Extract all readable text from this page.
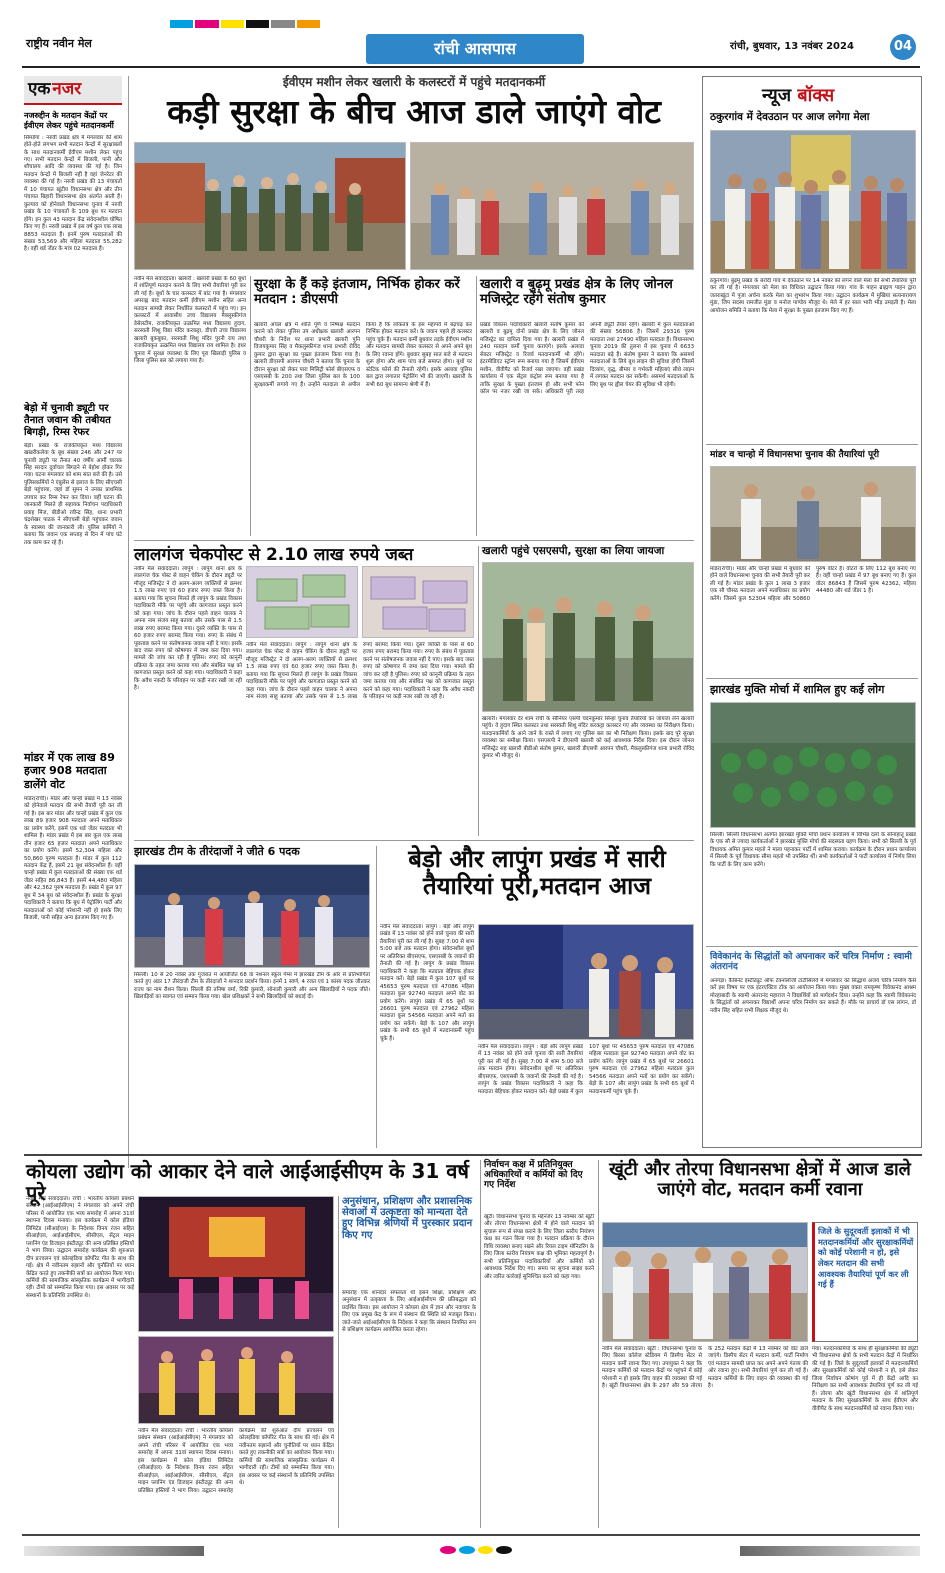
राष्ट्रीय नवीन मेल	रांची आसपास	रांची, बुधवार, 13 नवंबर 2024	04
एक नजर
नजरुद्दीन के मतदान केंद्रों पर ईवीएम लेकर पहुंचे मतदानकर्मी
सिमडेगा : नरुवी प्रखंड क्षेत्र में मंगलवार की शाम होते-होते लगभग सभी मतदान केन्द्रों में सुरक्षाबलों के साथ मतदानकर्मी ईवीएम मशीन लेकर पहुंच गए। सभी मतदान केन्द्रों में बिजली, पानी और शौचालय आदि की व्यवस्था की गई है। जिन मतदान केन्द्रों में बिजली नहीं है वहां जेनरेटर की व्यवस्था की गई है। नरुवी प्रखंड की 13 पंचायतों में 10 पंचायत खूंटीय विधानसभा क्षेत्र और तीन पंचायत बिहारी विधानसभा क्षेत्र अंतर्गत आती हैं। कुल्याव को होनेवाले विधानसभा चुनाव में नरुवी प्रखंड के 10 पंचायतों के 109 बूथ पर मतदान होंगे। इन कुल 43 मतदान केंद्र संवेदनशील घोषित किए गए हैं। नरुवी प्रखंड में इस वर्ष कुल एक लाख 8853 मतदाता हैं। इनमें पुरुष मतदाताओं की संख्या 53,569 और महिला मतदाता 55,282 है। वहीं थर्ड जेंडर के मात्र 02 मतदाता हैं।
बेड़ो में चुनावी ड्यूटी पर तैनात जवान की तबीयत बिगड़ी, रिम्स रेफर
बेड़ो। प्रखंड के राजकीयकृत मध्य विद्यालय खखरीकलेवा के बूथ संख्या 246 और 247 पर चुनावी ड्यूटी पर तैनात 40 वर्षीय आर्मी चालक सिंह सरदार दूर्वाचल बिगड़ने से बेहोश होकर गिर गया। घटना मंगलवार को शाम सात बजे की है। उसे पुलिसकर्मियों ने एंबुलेंस से इलाज के लिए सीएचसी बेड़ो पहुंचाया, जहां डॉ सुमन ने उनका प्राथमिक उपचार कर रिम्स रेफर कर दिया। वहीं घटना की जानकारी मिलते ही सहायक निर्वाचन पदाधिकारी प्रवाह मिंज, बीडीओ रवीन्द्र सिंह, थाना प्रभारी चंद्रशेखर पाठक ने सीएचसी बेड़ो पहुंचकर जवान के स्वास्थ्य की जानकारी ली। पुलिस कर्मियों ने बताया कि जवान एक सप्ताह से दिन में पांच घंटे तक काम कर रहे हैं।
मांडर में एक लाख 89 हजार 908 मतदाता डालेंगे वोट
मांडर(रांची)। मांडर और चान्हो प्रखंड में 13 नवंबर को होनेवाले मतदान की सभी तैयारी पूरी कर ली गई है। इस बार मांडर और चान्हो प्रखंड में कुल एक लाख 89 हजार 908 मतदाता अपने मताधिकार का प्रयोग करेंगे, इसमें एक थर्ड जेंडर मतदाता भी शामिल है। मांडर प्रखंड में इस बार कुल एक लाख तीन हजार 65 हजार मतदाता अपने मताधिकार का प्रयोग करेंगे। इसमें 52,304 महिला और 50,860 पुरुष मतदाता हैं। मांडर में कुल 112 मतदान केंद्र हैं, इसमें 21 बूथ संवेदनशील हैं। वहीं चान्हो प्रखंड में कुल मतदाताओं की संख्या एक थर्ड जेंडर सहित 86,843 हैं। इसमें 44,480 महिला और 42,362 पुरुष मतदाता हैं। प्रखंड में कुल 97 बूथ में 34 बूथ को संवेदनशील हैं। प्रखंड के सुरक्षा पदाधिकारी ने बताया कि बूथ में पेट्रोलिंग पार्टी और मतदाताओं को कोई परेशानी नहीं हो इसके लिए बिजली, पानी सहित अन्य इंतजाम किए गए हैं।
ईवीएम मशीन लेकर खलारी के कलस्टरों में पहुंचे मतदानकर्मी
कड़ी सुरक्षा के बीच आज डाले जाएंगे वोट
नवीन मेल संवाददाता। खलारी : खलारी प्रखंड के 60 बूथों में शांतिपूर्ण मतदान कराने के लिए सभी तैयारियां पूरी कर ली गई है। बूथों के चार कलस्टर में बांट गया है। मंगलवार अपराह्न बाद मतदान कर्मी ईवीएम मशीन सहित अन्य मतदान सामग्री लेकर निर्धारित कलस्टरों में पहुंच गए। इन कलस्टरों में आवासीय उच्च विद्यालय मैक्लुस्कीगंज डेसेलटीम, राजकीयकृत उत्क्रमित मध्य विद्यालय हुदाग, सरस्वती शिशु विद्या मंदिर करकट्टा, डीएवी उच्च विद्यालय खलारी बुकबुका, सरस्वती शिशु मंदिर पुरनी राय तथा राजकीयकृत उत्क्रमित मध्य विद्यालय राय शामिल है। इधर चुनाव में सुरक्षा व्यवस्था के लिए पूरा खिलाड़ी पुलिस व जिला पुलिस बल को लगाया गया है।
सुरक्षा के हैं कड़े इंतजाम, निर्भिक होकर करें मतदान : डीएसपी
खलारी अंचल क्षेत्र में शांति पूर्ण व निष्पक्ष मतदान कराने को लेकर पुलिस उप अधीक्षक खलारी आरपन चौधरी के निर्देश पर थाना प्रभारी खलारी पुनि विजयकुमार सिंह व मैकलुस्कीगंज थाना प्रभारी रोविंद कुमार द्वारा सुरक्षा का पुख्ता इंतजाम किया गया है। खलारी डीएसपी आरपन चौधरी ने बताया कि चुनाव के दौरान सुरक्षा को लेकर पारा मिलिट्री फोर्स बीएसएफ व एसएसबी के 200 तथा जिला पुलिस बल के 100 सुरक्षाकर्मी लगाये गए हैं। उन्होंने मतदाता से अपील किया है कि लोकतंत्र के इस महापर्व में बढ़चढ़ कर निर्भिक होकर मतदान करें। के जवान पहले ही कलस्टर पहुंच चुके हैं। मतदान कर्मी बुधवार तड़के ईवीएम मशीन और मतदान सामग्री लेकर कलस्टर से अपने अपने बूथ के लिए रवाना होंगे। बुधवार सुबह सात बजे से मतदान शुरू होगा और शाम पांच बजे समाप्त होगा। बूथों पर स्टेटिक फोर्स की तैनाती रहेगी। इसके अलावा पुलिस बल द्वारा लगातार पेट्रोलिंग भी की जाएगी। खलारी के सभी 60 बूथ सामान्य श्रेणी में हैं।
खलारी व बुढ़मू प्रखंड क्षेत्र के लिए जोनल मजिस्ट्रेट रहेंगे संतोष कुमार
प्रखंड विकास पदाधिकारी खलारी संतोष कुमार को खलारी व बुढ़मू दोनों प्रखंड क्षेत्र के लिए जोनल मजिस्ट्रेट का दायित्व दिया गया है। खलारी प्रखंड में 240 मतदान कर्मी चुनाव कराएंगे। इसके अलावा सेक्टर मजिस्ट्रेट व रिजर्व मतदानकर्मी भी रहेंगे। इंटरमीडिएट स्ट्रॉन्ग रूम बनाया गया है जिसमें ईवीएम मशीन, वीवीपैट को रिजर्व रखा जाएगा। वहीं प्रखंड कार्यालय में एक सेंट्रल कंट्रोल रूम बनाया गया है ताकि सुरक्षा के पुख्ता इंतजाम हो और सभी फोन कॉल पर नजर रखी जा सके। अधिकारी पूरी तरह अपनी ड्यूटी तैयार रहेंगे। खलारी में कुल मतदाताओं की संख्या 56806 है। जिसमें 29316 पुरुष मतदाता तथा 27490 महिला मतदाता हैं। विधानसभा चुनाव 2019 की तुलना में इस चुनाव में 6633 मतदाता बढ़े हैं। संतोष कुमार ने बताया कि असमर्थ मतदाताओं के लिये बूथ लाइन की सुविधा होगी जिसमें दिव्यांग, वृद्ध, बीमार व गर्भवती महिलाएं सीधे लाइन में लगकर मतदान कर सकेंगी। असमर्थ मतदाताओं के लिए बूथ पर ह्वील चेयर की सुविधा भी रहेगी।
लालगंज चेकपोस्ट से 2.10 लाख रुपये जब्त
नवीन मेल संवाददाता। लापुंग : लापुंग थाना क्षेत्र के लालगंज चेक पोस्ट से वाहन चेकिंग के दौरान ड्यूटी पर मौजूद मजिस्ट्रेट ने दो अलग-अलग व्यक्तियों से क्रमशः 1.5 लाख रुपए एवं 60 हजार रुपए जब्त किया है। बताया गया कि सूचना मिलते ही लापुंग के प्रखंड विकास पदाधिकारी मौके पर पहुंचे और कागजात प्रस्तुत करने को कहा गया। जांच के दौरान पहले वाहन चालक ने अपना नाम संजय साहू बताया और उसके पास से 1.5 लाख रुपए बरामद किया गया। दूसरे व्यक्ति के पास से 60 हजार रुपए बरामद किया गया। रुपए के संबंध में पूछताछ करने पर संतोषजनक जवाब नहीं दे पाए। इसके बाद जब्त रुपए को कोषागार में जमा करा दिया गया। मामले की जांच कर रही है पुलिस। रुपए को कानूनी प्रक्रिया के तहत जमा कराया गया और संबंधित पक्ष को कागजात प्रस्तुत करने को कहा गया। पदाधिकारी ने कहा कि अवैध नकदी के परिवहन पर कड़ी नजर रखी जा रही है।
नवीन मेल संवाददाता। लापुंग : लापुंग थाना क्षेत्र के लालगंज चेक पोस्ट से वाहन चेकिंग के दौरान ड्यूटी पर मौजूद मजिस्ट्रेट ने दो अलग-अलग व्यक्तियों से क्रमशः 1.5 लाख रुपए एवं 60 हजार रुपए जब्त किया है। बताया गया कि सूचना मिलते ही लापुंग के प्रखंड विकास पदाधिकारी मौके पर पहुंचे और कागजात प्रस्तुत करने को कहा गया। जांच के दौरान पहले वाहन चालक ने अपना नाम संजय साहू बताया और उसके पास से 1.5 लाख रुपए बरामद किया गया। दूसरे व्यक्ति के पास से 60 हजार रुपए बरामद किया गया। रुपए के संबंध में पूछताछ करने पर संतोषजनक जवाब नहीं दे पाए। इसके बाद जब्त रुपए को कोषागार में जमा करा दिया गया। मामले की जांच कर रही है पुलिस। रुपए को कानूनी प्रक्रिया के तहत जमा कराया गया और संबंधित पक्ष को कागजात प्रस्तुत करने को कहा गया। पदाधिकारी ने कहा कि अवैध नकदी के परिवहन पर कड़ी नजर रखी जा रही है।
खलारी पहुंचे एसएसपी, सुरक्षा का लिया जायजा
खलारी। मंगलवार देर शाम रांची के सीनियर एसपी चंदनकुमार सिन्हा चुनाव तैयारियों का जायजा लेने खलारी पहुंचे। वे हुदाग स्थित कलस्टर तथा सरस्वती शिशु मंदिर करकट्टा कलस्टर गए और व्यवस्था का निरीक्षण किया। मतदानकर्मियों के आने जाने के रास्ते में लगाए गए पुलिस बल का भी निरीक्षण किया। इसके बाद पूरे सुरक्षा व्यवस्था का समीक्षा किया। एसएसपी ने डीएसपी खलारी को कई आवश्यक निर्देश दिया। इस दौरान जोनल मजिस्ट्रेट सह खलारी बीडीओ संतोष कुमार, खलारी डीएसपी आरपन चौधरी, मैकलुस्कीगंज थाना प्रभारी रोविंद कुमार भी मौजूद थे।
झारखंड टीम के तीरंदाजों ने जीते 6 पदक
सिल्ली। 10 से 20 नवंबर तक गुजरात में आयोजित 68 वां नेशनल स्कूल गेम्स में झारखंड टीम के ओर से प्रतिभागिता करते हुए अंडर 17 तीरंदाजी टीम के तीरंदाजों ने शानदार प्रदर्शन किया। इनमें 1 स्वर्ण, 4 रजत एवं 1 कांस्य पदक जीतकर राज्य का नाम रौशन किया। सिल्ली की तनिषा वर्मा, रिंकी कुमारी, सोनाली कुमारी और अन्य खिलाड़ियों ने पदक जीते। खिलाड़ियों का स्वागत एवं सम्मान किया गया। खेल प्रशिक्षकों ने सभी खिलाड़ियों को बधाई दी।
बेड़ो और लापुंग प्रखंड में सारी तैयारियां पूरी,मतदान आज
नवीन मेल संवाददाता। लापुंग : बेड़ो और लापुंग प्रखंड में 13 नवंबर को होने वाले चुनाव की सारी तैयारियां पूरी कर ली गई है। सुबह 7:00 से शाम 5:00 बजे तक मतदान होगा। संवेदनशील बूथों पर अतिरिक्त बीएसएफ, एसएसबी के जवानों की तैनाती की गई है। लापुंग के प्रखंड विकास पदाधिकारी ने कहा कि मतदाता बेहिचक होकर मतदान करें। बेड़ो प्रखंड में कुल 107 बूथों पर 45653 पुरुष मतदाता एवं 47086 महिला मतदाता कुल 92740 मतदाता अपने वोट का प्रयोग करेंगे। लापुंग प्रखंड में 65 बूथों पर 26601 पुरुष मतदाता एवं 27962 महिला मतदाता कुल 54566 मतदाता अपने मतों का प्रयोग कर सकेंगे। बेड़ो के 107 और लापुंग प्रखंड के सभी 65 बूथों में मतदानकर्मी पहुंच चुके हैं।
नवीन मेल संवाददाता। लापुंग : बेड़ो और लापुंग प्रखंड में 13 नवंबर को होने वाले चुनाव की सारी तैयारियां पूरी कर ली गई है। सुबह 7:00 से शाम 5:00 बजे तक मतदान होगा। संवेदनशील बूथों पर अतिरिक्त बीएसएफ, एसएसबी के जवानों की तैनाती की गई है। लापुंग के प्रखंड विकास पदाधिकारी ने कहा कि मतदाता बेहिचक होकर मतदान करें। बेड़ो प्रखंड में कुल 107 बूथों पर 45653 पुरुष मतदाता एवं 47086 महिला मतदाता कुल 92740 मतदाता अपने वोट का प्रयोग करेंगे। लापुंग प्रखंड में 65 बूथों पर 26601 पुरुष मतदाता एवं 27962 महिला मतदाता कुल 54566 मतदाता अपने मतों का प्रयोग कर सकेंगे। बेड़ो के 107 और लापुंग प्रखंड के सभी 65 बूथों में मतदानकर्मी पहुंच चुके हैं।
न्यूज बॉक्स
ठकुरगांव में देवउठान पर आज लगेगा मेला
ठकुरगांव। बुढ़मू प्रखंड के बरोदी गांव में देवउठान पर 14 नवंबर को लगने वाले मेला की सभी तैयारियां पूरी कर ली गई है। मंगलवार को मेला का विधिवत उद्घाटन किया गया। गांव के पाहन ब्राह्मण पाहन द्वारा जतराखूंटा में पूजा अर्चना करके मेला का शुभारंभ किया गया। उद्घाटन कार्यक्रम में मुखिया सत्यनारायण मुंडा, जिप सदस्य रामजीत मुंडा व मनोज पाण्डेय मौजूद थे। मेले में हर साल भारी भीड़ उमड़ती है। मेला आयोजन समिति ने बताया कि मेला में सुरक्षा के पुख्ता इंतजाम किए गए हैं।
मांडर व चान्हो में विधानसभा चुनाव की तैयारियां पूरी
मांडर(रांची)। मांडर और चान्हो प्रखंड में बुधवार को होने वाले विधानसभा चुनाव की सभी तैयारी पूरी कर ली गई है। मांडर प्रखंड के कुल 1 लाख 3 हजार एक सौ चौसठ मतदाता अपने मताधिकार का प्रयोग करेंगे। जिसमें कुल 52304 महिला और 50860 पुरुष वोटर हैं। वोटरों के लिए 112 बूथ बनाए गए हैं। वहीं चान्हो प्रखंड में 97 बूथ बनाए गए हैं। कुल वोटर 86843 हैं जिसमें पुरुष 42362, महिला 44480 और थर्ड जेंडर 1 है।
झारखंड मुक्ति मोर्चा में शामिल हुए कई लोग
सिल्ली। सिल्ली विधानसभा अंतर्गत झारखंड मुक्ति मोर्चा प्रधान कार्यालय में विभिन्न दलों के सोनाहातू प्रखंड के एक सौ से ज्यादा कार्यकर्ताओं ने झारखंड मुक्ति मोर्चा की सदस्यता ग्रहण किया। सभी को सिल्ली के पूर्व विधायक अमित कुमार महतो ने माला पहनाकर पार्टी में शामिल कराया। कार्यक्रम के दौरान प्रधान कार्यालय में सिल्ली के पूर्व विधायक सीमा महतो भी उपस्थित थीं। सभी कार्यकर्ताओं ने पार्टी कार्यालय में निर्णय लिया कि पार्टी के लिए काम करेंगे।
विवेकानंद के सिद्धांतों को अपनाकर करें चरित्र निर्माण : स्वामी अंतरानंद
अनगड़ा। कैबिनेट इंस्टीट्यूट ऑफ टेक्नोलॉजी टाटीसिलवे में मंगलवार को सिद्धार्थ अजय चरित्र निर्माण कैसे करें इस विषय पर एक इंटरएक्टिव टॉक का आयोजन किया गया। मुख्य वक्ता रामकृष्ण विवेकानंद आश्रम मोरहाबादी के स्वामी अंतरानंद महाराज ने विद्यार्थियों को मार्गदर्शन दिया। उन्होंने कहा कि स्वामी विवेकानंद के सिद्धांतों को अपनाकर विद्यार्थी अपना चरित्र निर्माण कर सकते हैं। मौके पर प्राचार्य डॉ एस लांगन, डॉ नवीन सिंह सहित सभी शिक्षक मौजूद थे।
कोयला उद्योग को आकार देने वाले आईआईसीएम के 31 वर्ष पूरे
नवीन मेल संवाददाता। रांची : भारतीय कोयला प्रबंधन संस्थान (आईआईसीएम) ने मंगलवार को अपने रांची परिसर में आयोजित एक भव्य समारोह में अपना 31वां स्थापना दिवस मनाया। इस कार्यक्रम में कोल इंडिया लिमिटेड (सीआईएल) के निदेशक विनय रंजन सहित सीआईएल, आईआईसीएम, सीसीएल, सेंट्रल माइन प्लानिंग एंड डिजाइन इंस्टीट्यूट की अन्य प्रतिष्ठित हस्तियों ने भाग लिया। उद्घाटन समारोह कार्यक्रम की शुरुआत दीप प्रज्वलन एवं कोलइंडिया कॉर्पोरेट गीत के साथ की गई। क्षेत्र में नवीनतम रुझानों और चुनौतियों पर ध्यान केंद्रित करते हुए तकनीकी सत्रों का आयोजन किया गया। कर्मियों की सामाजिक सांस्कृतिक कार्यक्रम में भागीदारी रही। टीमों को सम्मानित किया गया। इस अवसर पर कई संस्थानों के प्रतिनिधि उपस्थित थे।
नवीन मेल संवाददाता। रांची : भारतीय कोयला प्रबंधन संस्थान (आईआईसीएम) ने मंगलवार को अपने रांची परिसर में आयोजित एक भव्य समारोह में अपना 31वां स्थापना दिवस मनाया। इस कार्यक्रम में कोल इंडिया लिमिटेड (सीआईएल) के निदेशक विनय रंजन सहित सीआईएल, आईआईसीएम, सीसीएल, सेंट्रल माइन प्लानिंग एंड डिजाइन इंस्टीट्यूट की अन्य प्रतिष्ठित हस्तियों ने भाग लिया। उद्घाटन समारोह कार्यक्रम की शुरुआत दीप प्रज्वलन एवं कोलइंडिया कॉर्पोरेट गीत के साथ की गई। क्षेत्र में नवीनतम रुझानों और चुनौतियों पर ध्यान केंद्रित करते हुए तकनीकी सत्रों का आयोजन किया गया। कर्मियों की सामाजिक सांस्कृतिक कार्यक्रम में भागीदारी रही। टीमों को सम्मानित किया गया। इस अवसर पर कई संस्थानों के प्रतिनिधि उपस्थित थे।
अनुसंधान, प्रशिक्षण और प्रशासनिक सेवाओं में उत्कृष्टता को मान्यता देते हुए विभिन्न श्रेणियों में पुरस्कार प्रदान किए गए
समारोह एक शानदार सफलता थी इसने शिक्षा, प्रशिक्षण और अनुसंधान में उत्कृष्टता के लिए आईआईसीएम की प्रतिबद्धता को प्रदर्शित किया। इस आयोजन ने कोयला क्षेत्र में ज्ञान और नवाचार के लिए एक प्रमुख केंद्र के रूप में संस्थान की स्थिति को मजबूत किया। जाते-जाते आईआईसीएम के निदेशक ने कहा कि संस्थान नियमित रूप से प्रशिक्षण कार्यक्रम आयोजित करता रहेगा।
निर्वाचन कक्ष में प्रतिनियुक्त अधिकारियों व कर्मियों को दिए गए निर्देश
खूंटी। विधानसभा चुनाव के मद्देनजर 13 नवम्बर को खूंटी और तोरपा विधानसभा क्षेत्रों में होने वाले मतदान को सुचारू रूप से संपन्न कराने के लिए जिला स्तरीय नियंत्रण कक्ष का गठन किया गया है। मतदान प्रक्रिया के दौरान विधि व्यवस्था बनाए रखने और रियल टाइम मॉनिटरिंग के लिए जिला स्तरीय नियंत्रण कक्ष की भूमिका महत्वपूर्ण है। सभी प्रतिनियुक्त पदाधिकारियों और कर्मियों को आवश्यक निर्देश दिए गए। समय पर सूचना साझा करने और त्वरित कार्रवाई सुनिश्चित करने को कहा गया।
खूंटी और तोरपा विधानसभा क्षेत्रों में आज डाले जाएंगे वोट, मतदान कर्मी रवाना
जिले के सुदूरवर्ती इलाकों में भी मतदानकर्मियों और सुरक्षाकर्मियों को कोई परेशानी न हो, इसे लेकर मतदान की सभी आवश्यक तैयारियां पूर्ण कर ली गई हैं
नवीन मेल संवाददाता। खूंटी : विधानसभा चुनाव के लिए बिरसा कॉलेज स्टेडियम में डिस्पैच सेंटर से मतदान कर्मी रवाना किए गए। उपायुक्त ने कहा कि मतदान कर्मियों को मतदान केंद्रों पर पहुंचने में कोई परेशानी न हो इसके लिए वाहन की व्यवस्था की गई है। खूंटी विधानसभा क्षेत्र के 297 और 59 तोरपा के 252 मतदान केंद्रों में 13 नवम्बर को वोट डाले जाएंगे। डिस्पैच सेंटर में मतदान कर्मी, पार्टी निर्माण एवं मतदान सामग्री प्राप्त कर अपने अपने गंतव्य की ओर रवाना हुए। सभी तैयारियां पूर्ण कर ली गई हैं। मतदान कर्मियों के लिए वाहन की व्यवस्था की गई है।
गया। मतदानकर्मियों के साथ ही सुरक्षाकर्मियों की ड्यूटी भी विधानसभा क्षेत्रों के सभी मतदान केंद्रों में निर्धारित की गई है। जिले के सुदूरवर्ती इलाकों में मतदानकर्मियों और सुरक्षाकर्मियों को कोई परेशानी न हो, इसे लेकर जिला निर्वाचन कोषांग पूर्व में ही केंद्रों आदि का निरीक्षण कर सभी आवश्यक तैयारियां पूर्ण कर ली गई हैं। तोरपा और खूंटी विधानसभा क्षेत्र में शांतिपूर्ण मतदान के लिए सुरक्षाकर्मियों के साथ ईवीएम और वीवीपैट के साथ मतदानकर्मियों को रवाना किया गया।
